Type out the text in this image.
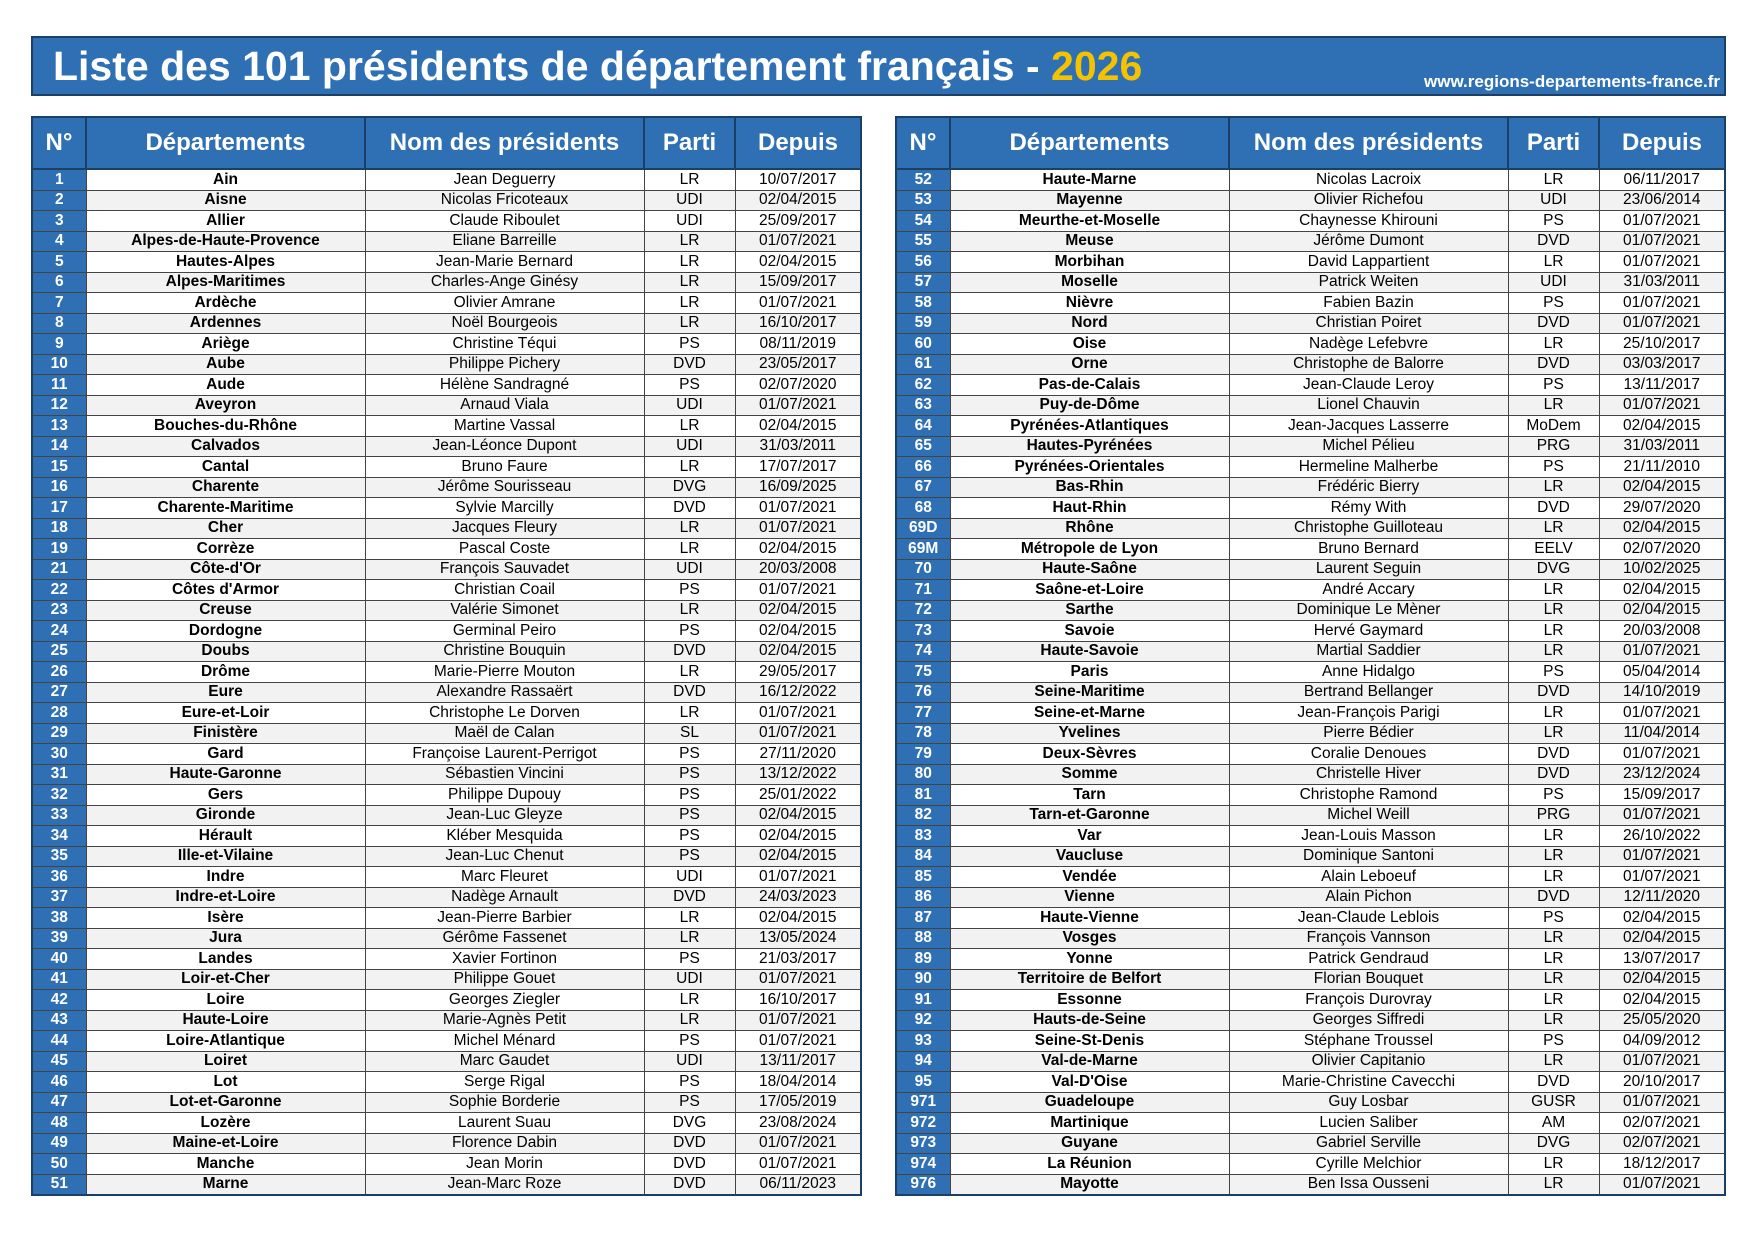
Liste des 101 présidents de département français - 2026	www.regions-departements-france.fr
N°	Départements	Nom des présidents	Parti	Depuis
1	Ain	Jean Deguerry	LR	10/07/2017
2	Aisne	Nicolas Fricoteaux	UDI	02/04/2015
3	Allier	Claude Riboulet	UDI	25/09/2017
4	Alpes-de-Haute-Provence	Eliane Barreille	LR	01/07/2021
5	Hautes-Alpes	Jean-Marie Bernard	LR	02/04/2015
6	Alpes-Maritimes	Charles-Ange Ginésy	LR	15/09/2017
7	Ardèche	Olivier Amrane	LR	01/07/2021
8	Ardennes	Noël Bourgeois	LR	16/10/2017
9	Ariège	Christine Téqui	PS	08/11/2019
10	Aube	Philippe Pichery	DVD	23/05/2017
11	Aude	Hélène Sandragné	PS	02/07/2020
12	Aveyron	Arnaud Viala	UDI	01/07/2021
13	Bouches-du-Rhône	Martine Vassal	LR	02/04/2015
14	Calvados	Jean-Léonce Dupont	UDI	31/03/2011
15	Cantal	Bruno Faure	LR	17/07/2017
16	Charente	Jérôme Sourisseau	DVG	16/09/2025
17	Charente-Maritime	Sylvie Marcilly	DVD	01/07/2021
18	Cher	Jacques Fleury	LR	01/07/2021
19	Corrèze	Pascal Coste	LR	02/04/2015
21	Côte-d'Or	François Sauvadet	UDI	20/03/2008
22	Côtes d'Armor	Christian Coail	PS	01/07/2021
23	Creuse	Valérie Simonet	LR	02/04/2015
24	Dordogne	Germinal Peiro	PS	02/04/2015
25	Doubs	Christine Bouquin	DVD	02/04/2015
26	Drôme	Marie-Pierre Mouton	LR	29/05/2017
27	Eure	Alexandre Rassaërt	DVD	16/12/2022
28	Eure-et-Loir	Christophe Le Dorven	LR	01/07/2021
29	Finistère	Maël de Calan	SL	01/07/2021
30	Gard	Françoise Laurent-Perrigot	PS	27/11/2020
31	Haute-Garonne	Sébastien Vincini	PS	13/12/2022
32	Gers	Philippe Dupouy	PS	25/01/2022
33	Gironde	Jean-Luc Gleyze	PS	02/04/2015
34	Hérault	Kléber Mesquida	PS	02/04/2015
35	Ille-et-Vilaine	Jean-Luc Chenut	PS	02/04/2015
36	Indre	Marc Fleuret	UDI	01/07/2021
37	Indre-et-Loire	Nadège Arnault	DVD	24/03/2023
38	Isère	Jean-Pierre Barbier	LR	02/04/2015
39	Jura	Gérôme Fassenet	LR	13/05/2024
40	Landes	Xavier Fortinon	PS	21/03/2017
41	Loir-et-Cher	Philippe Gouet	UDI	01/07/2021
42	Loire	Georges Ziegler	LR	16/10/2017
43	Haute-Loire	Marie-Agnès Petit	LR	01/07/2021
44	Loire-Atlantique	Michel Ménard	PS	01/07/2021
45	Loiret	Marc Gaudet	UDI	13/11/2017
46	Lot	Serge Rigal	PS	18/04/2014
47	Lot-et-Garonne	Sophie Borderie	PS	17/05/2019
48	Lozère	Laurent Suau	DVG	23/08/2024
49	Maine-et-Loire	Florence Dabin	DVD	01/07/2021
50	Manche	Jean Morin	DVD	01/07/2021
51	Marne	Jean-Marc Roze	DVD	06/11/2023
N°	Départements	Nom des présidents	Parti	Depuis
52	Haute-Marne	Nicolas Lacroix	LR	06/11/2017
53	Mayenne	Olivier Richefou	UDI	23/06/2014
54	Meurthe-et-Moselle	Chaynesse Khirouni	PS	01/07/2021
55	Meuse	Jérôme Dumont	DVD	01/07/2021
56	Morbihan	David Lappartient	LR	01/07/2021
57	Moselle	Patrick Weiten	UDI	31/03/2011
58	Nièvre	Fabien Bazin	PS	01/07/2021
59	Nord	Christian Poiret	DVD	01/07/2021
60	Oise	Nadège Lefebvre	LR	25/10/2017
61	Orne	Christophe de Balorre	DVD	03/03/2017
62	Pas-de-Calais	Jean-Claude Leroy	PS	13/11/2017
63	Puy-de-Dôme	Lionel Chauvin	LR	01/07/2021
64	Pyrénées-Atlantiques	Jean-Jacques Lasserre	MoDem	02/04/2015
65	Hautes-Pyrénées	Michel Pélieu	PRG	31/03/2011
66	Pyrénées-Orientales	Hermeline Malherbe	PS	21/11/2010
67	Bas-Rhin	Frédéric Bierry	LR	02/04/2015
68	Haut-Rhin	Rémy With	DVD	29/07/2020
69D	Rhône	Christophe Guilloteau	LR	02/04/2015
69M	Métropole de Lyon	Bruno Bernard	EELV	02/07/2020
70	Haute-Saône	Laurent Seguin	DVG	10/02/2025
71	Saône-et-Loire	André Accary	LR	02/04/2015
72	Sarthe	Dominique Le Mèner	LR	02/04/2015
73	Savoie	Hervé Gaymard	LR	20/03/2008
74	Haute-Savoie	Martial Saddier	LR	01/07/2021
75	Paris	Anne Hidalgo	PS	05/04/2014
76	Seine-Maritime	Bertrand Bellanger	DVD	14/10/2019
77	Seine-et-Marne	Jean-François Parigi	LR	01/07/2021
78	Yvelines	Pierre Bédier	LR	11/04/2014
79	Deux-Sèvres	Coralie Denoues	DVD	01/07/2021
80	Somme	Christelle Hiver	DVD	23/12/2024
81	Tarn	Christophe Ramond	PS	15/09/2017
82	Tarn-et-Garonne	Michel Weill	PRG	01/07/2021
83	Var	Jean-Louis Masson	LR	26/10/2022
84	Vaucluse	Dominique Santoni	LR	01/07/2021
85	Vendée	Alain Leboeuf	LR	01/07/2021
86	Vienne	Alain Pichon	DVD	12/11/2020
87	Haute-Vienne	Jean-Claude Leblois	PS	02/04/2015
88	Vosges	François Vannson	LR	02/04/2015
89	Yonne	Patrick Gendraud	LR	13/07/2017
90	Territoire de Belfort	Florian Bouquet	LR	02/04/2015
91	Essonne	François Durovray	LR	02/04/2015
92	Hauts-de-Seine	Georges Siffredi	LR	25/05/2020
93	Seine-St-Denis	Stéphane Troussel	PS	04/09/2012
94	Val-de-Marne	Olivier Capitanio	LR	01/07/2021
95	Val-D'Oise	Marie-Christine Cavecchi	DVD	20/10/2017
971	Guadeloupe	Guy Losbar	GUSR	01/07/2021
972	Martinique	Lucien Saliber	AM	02/07/2021
973	Guyane	Gabriel Serville	DVG	02/07/2021
974	La Réunion	Cyrille Melchior	LR	18/12/2017
976	Mayotte	Ben Issa Ousseni	LR	01/07/2021
